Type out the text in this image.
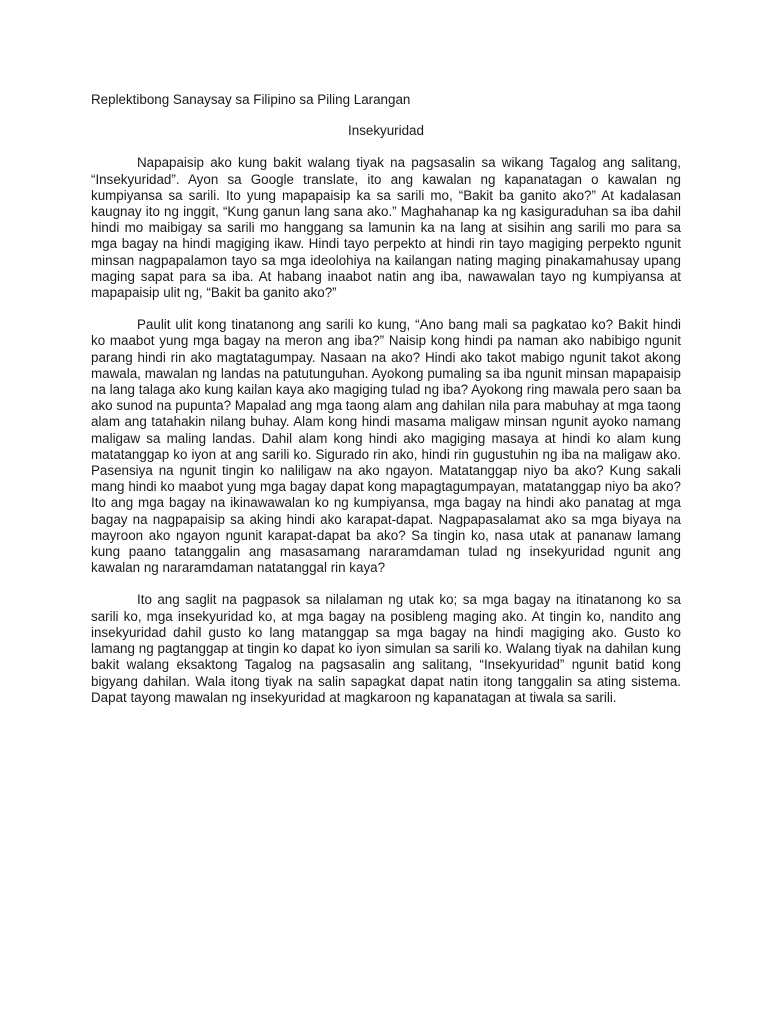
Replektibong Sanaysay sa Filipino sa Piling Larangan

Insekyuridad

Napapaisip ako kung bakit walang tiyak na pagsasalin sa wikang Tagalog ang salitang, “Insekyuridad”. Ayon sa Google translate, ito ang kawalan ng kapanatagan o kawalan ng kumpiyansa sa sarili. Ito yung mapapaisip ka sa sarili mo, “Bakit ba ganito ako?” At kadalasan kaugnay ito ng inggit, “Kung ganun lang sana ako.” Maghahanap ka ng kasiguraduhan sa iba dahil hindi mo maibigay sa sarili mo hanggang sa lamunin ka na lang at sisihin ang sarili mo para sa mga bagay na hindi magiging ikaw. Hindi tayo perpekto at hindi rin tayo magiging perpekto ngunit minsan nagpapalamon tayo sa mga ideolohiya na kailangan nating maging pinakamahusay upang maging sapat para sa iba. At habang inaabot natin ang iba, nawawalan tayo ng kumpiyansa at mapapaisip ulit ng, “Bakit ba ganito ako?”

Paulit ulit kong tinatanong ang sarili ko kung, “Ano bang mali sa pagkatao ko? Bakit hindi ko maabot yung mga bagay na meron ang iba?” Naisip kong hindi pa naman ako nabibigo ngunit parang hindi rin ako magtatagumpay. Nasaan na ako? Hindi ako takot mabigo ngunit takot akong mawala, mawalan ng landas na patutunguhan. Ayokong pumaling sa iba ngunit minsan mapapaisip na lang talaga ako kung kailan kaya ako magiging tulad ng iba? Ayokong ring mawala pero saan ba ako sunod na pupunta? Mapalad ang mga taong alam ang dahilan nila para mabuhay at mga taong alam ang tatahakin nilang buhay. Alam kong hindi masama maligaw minsan ngunit ayoko namang maligaw sa maling landas. Dahil alam kong hindi ako magiging masaya at hindi ko alam kung matatanggap ko iyon at ang sarili ko. Sigurado rin ako, hindi rin gugustuhin ng iba na maligaw ako. Pasensiya na ngunit tingin ko naliligaw na ako ngayon. Matatanggap niyo ba ako? Kung sakali mang hindi ko maabot yung mga bagay dapat kong mapagtagumpayan, matatanggap niyo ba ako? Ito ang mga bagay na ikinawawalan ko ng kumpiyansa, mga bagay na hindi ako panatag at mga bagay na nagpapaisip sa aking hindi ako karapat-dapat. Nagpapasalamat ako sa mga biyaya na mayroon ako ngayon ngunit karapat-dapat ba ako? Sa tingin ko, nasa utak at pananaw lamang kung paano tatanggalin ang masasamang nararamdaman tulad ng insekyuridad ngunit ang kawalan ng nararamdaman natatanggal rin kaya?

Ito ang saglit na pagpasok sa nilalaman ng utak ko; sa mga bagay na itinatanong ko sa sarili ko, mga insekyuridad ko, at mga bagay na posibleng maging ako. At tingin ko, nandito ang insekyuridad dahil gusto ko lang matanggap sa mga bagay na hindi magiging ako. Gusto ko lamang ng pagtanggap at tingin ko dapat ko iyon simulan sa sarili ko. Walang tiyak na dahilan kung bakit walang eksaktong Tagalog na pagsasalin ang salitang, “Insekyuridad” ngunit batid kong bigyang dahilan. Wala itong tiyak na salin sapagkat dapat natin itong tanggalin sa ating sistema. Dapat tayong mawalan ng insekyuridad at magkaroon ng kapanatagan at tiwala sa sarili.
